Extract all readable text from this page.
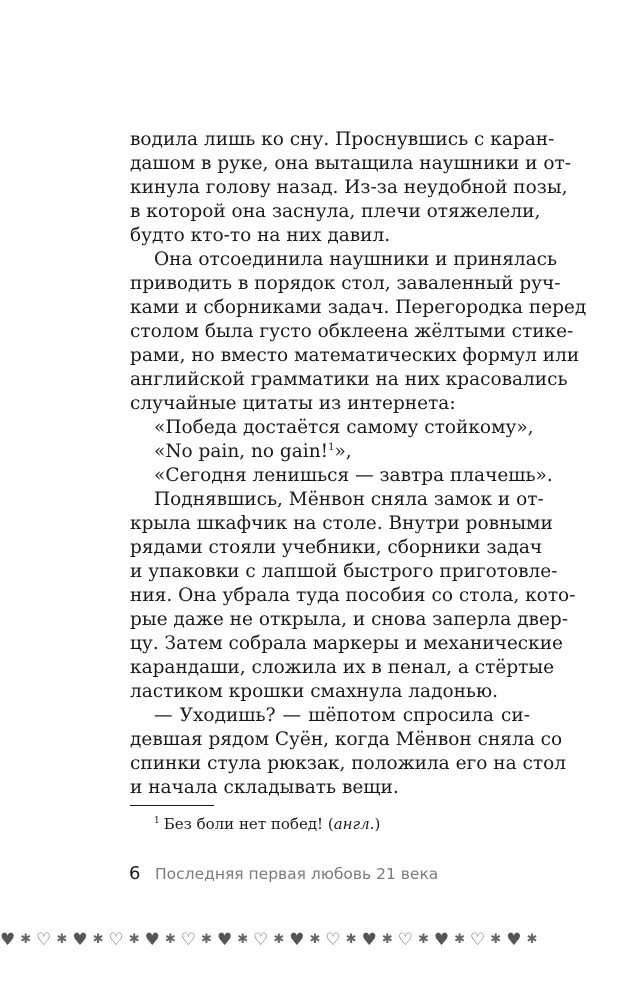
водила лишь ко сну. Проснувшись с каран-
дашом в руке, она вытащила наушники и от-
кинула голову назад. Из-за неудобной позы,
в которой она заснула, плечи отяжелели,
будто кто-то на них давил.
Она отсоединила наушники и принялась
приводить в порядок стол, заваленный руч-
ками и сборниками задач. Перегородка перед
столом была густо обклеена жёлтыми стике-
рами, но вместо математических формул или
английской грамматики на них красовались
случайные цитаты из интернета:
«Победа достаётся самому стойкому»,
«No pain, no gain!$^1$»,
«Сегодня ленишься — завтра плачешь».
Поднявшись, Мёнвон сняла замок и от-
крыла шкафчик на столе. Внутри ровными
рядами стояли учебники, сборники задач
и упаковки с лапшой быстрого приготовле-
ния. Она убрала туда пособия со стола, кото-
рые даже не открыла, и снова заперла двер-
цу. Затем собрала маркеры и механические
карандаши, сложила их в пенал, а стёртые
ластиком крошки смахнула ладонью.
— Уходишь? — шёпотом спросила си-
девшая рядом Суён, когда Мёнвон сняла со
спинки стула рюкзак, положила его на стол
и начала складывать вещи.
$^1$ Без боли нет побед! (англ.)
6 Последняя первая любовь 21 века
♥ ✱ ♡ ✱ ♥ ✱ ♡ ✱ ♥ ✱ ♡ ✱ ♥ ✱ ♡ ✱ ♥ ✱ ♡ ✱ ♥ ✱ ♡ ✱ ♥ ✱ ♡ ✱ ♥ ✱
